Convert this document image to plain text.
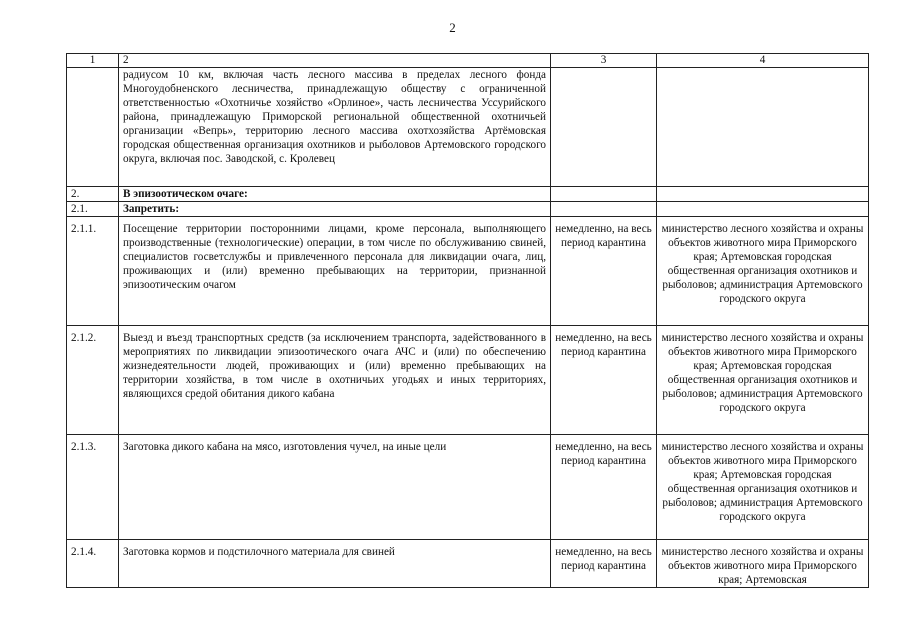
2
1	2	3	4
	радиусом 10 км, включая часть лесного массива в пределах лесного фонда Многоудобненского лесничества, принадлежащую обществу с ограниченной ответственностью «Охотничье хозяйство «Орлиное», часть лесничества Уссурийского района, принадлежащую Приморской региональной общественной охотничьей организации «Вепрь», территорию лесного массива охотхозяйства Артёмовская городская общественная организация охотников и рыболовов Артемовского городского округа, включая пос. Заводской, с. Кролевец		
2.	В эпизоотическом очаге:		
2.1.	Запретить:		
2.1.1.	Посещение территории посторонними лицами, кроме персонала, выполняющего производственные (технологические) операции, в том числе по обслуживанию свиней, специалистов госветслужбы и привлеченного персонала для ликвидации очага, лиц, проживающих и (или) временно пребывающих на территории, признанной эпизоотическим очагом	немедленно, на весь период карантина	министерство лесного хозяйства и охраны объектов животного мира Приморского края; Артемовская городская общественная организация охотников и рыболовов; администрация Артемовского городского округа
2.1.2.	Выезд и въезд транспортных средств (за исключением транспорта, задействованного в мероприятиях по ликвидации эпизоотического очага АЧС и (или) по обеспечению жизнедеятельности людей, проживающих и (или) временно пребывающих на территории хозяйства, в том числе в охотничьих угодьях и иных территориях, являющихся средой обитания дикого кабана	немедленно, на весь период карантина	министерство лесного хозяйства и охраны объектов животного мира Приморского края; Артемовская городская общественная организация охотников и рыболовов; администрация Артемовского городского округа
2.1.3.	Заготовка дикого кабана на мясо, изготовления чучел, на иные цели	немедленно, на весь период карантина	министерство лесного хозяйства и охраны объектов животного мира Приморского края; Артемовская городская общественная организация охотников и рыболовов; администрация Артемовского городского округа
2.1.4.	Заготовка кормов и подстилочного материала для свиней	немедленно, на весь период карантина	министерство лесного хозяйства и охраны объектов животного мира Приморского края; Артемовская
